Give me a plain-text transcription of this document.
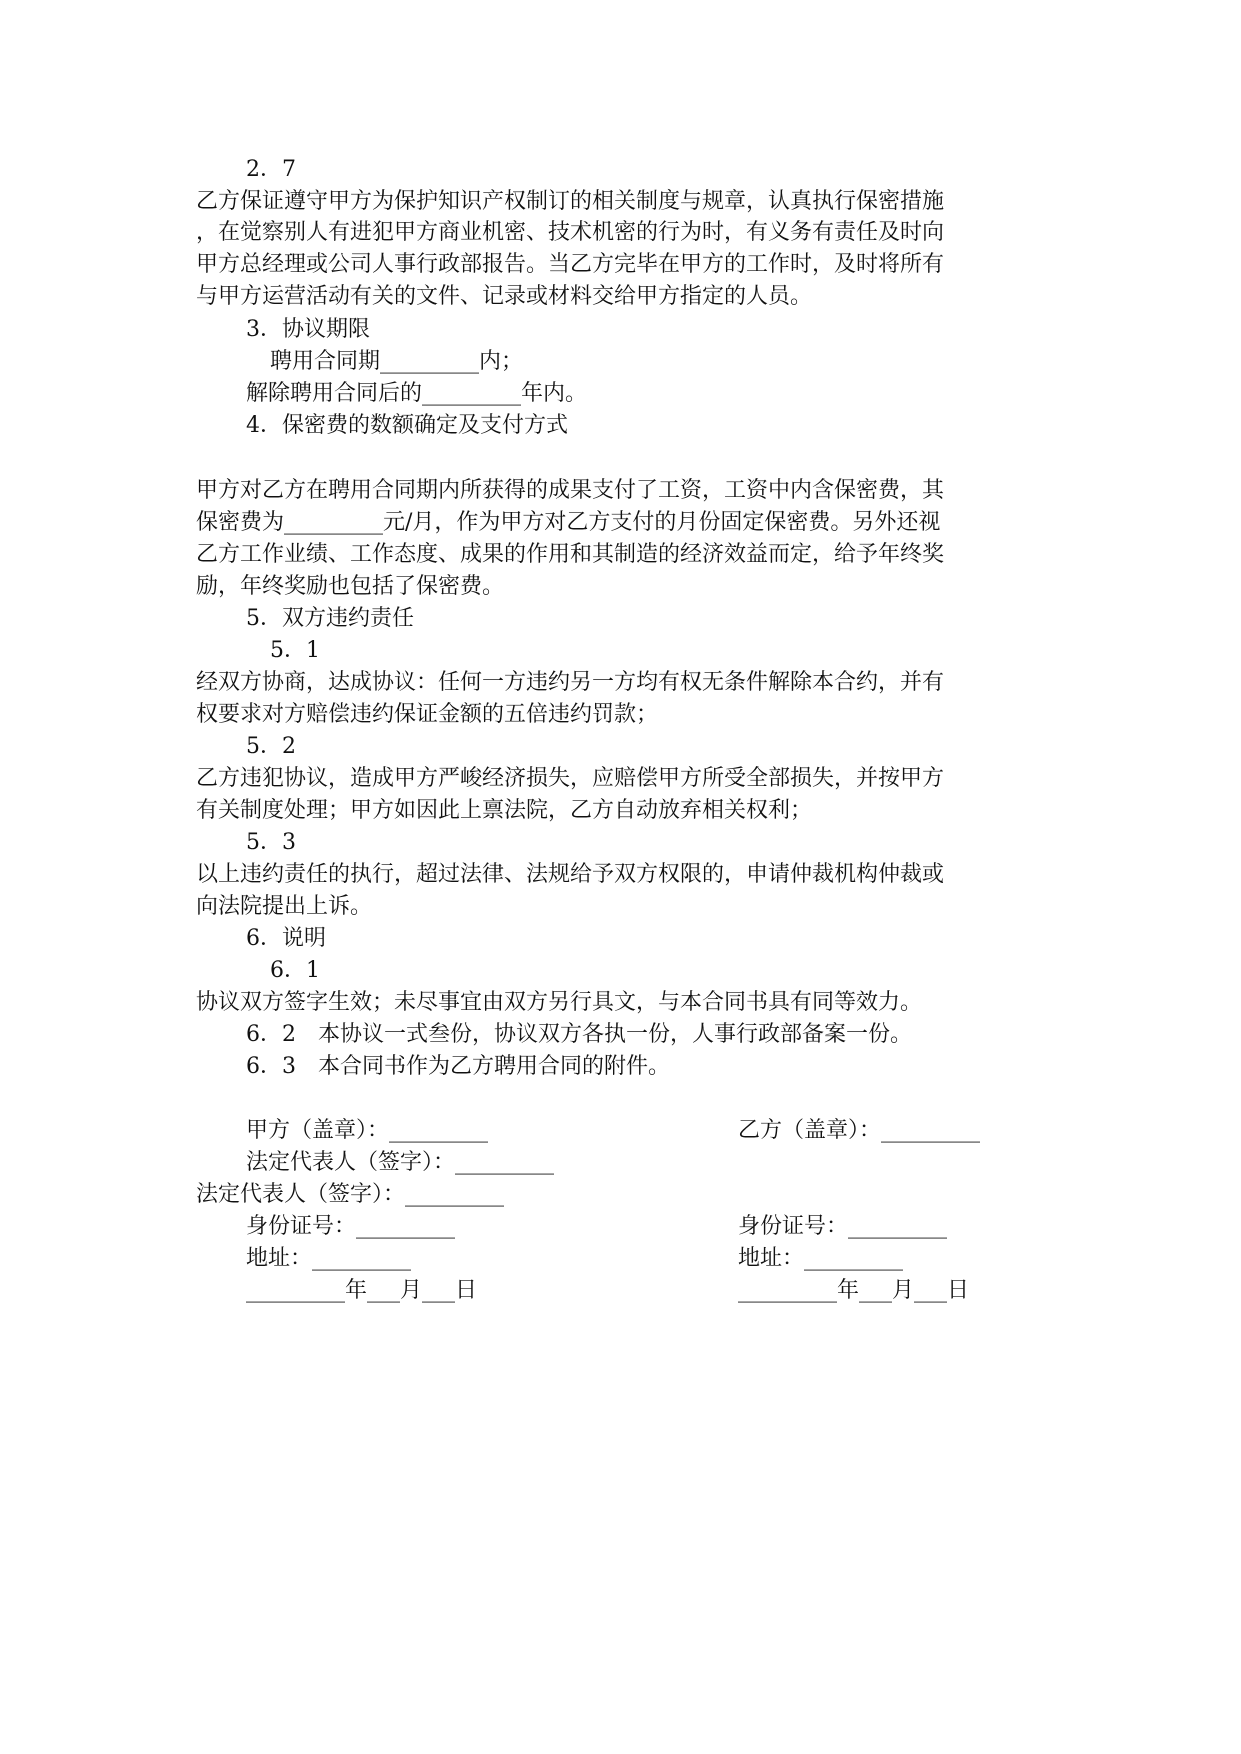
2．7
乙方保证遵守甲方为保护知识产权制订的相关制度与规章，认真执行保密措施
，在觉察别人有进犯甲方商业机密、技术机密的行为时，有义务有责任及时向
甲方总经理或公司人事行政部报告。当乙方完毕在甲方的工作时，及时将所有
与甲方运营活动有关的文件、记录或材料交给甲方指定的人员。
3．协议期限
聘用合同期_________内；
解除聘用合同后的_________年内。
4．保密费的数额确定及支付方式
甲方对乙方在聘用合同期内所获得的成果支付了工资，工资中内含保密费，其
保密费为_________元/月，作为甲方对乙方支付的月份固定保密费。另外还视
乙方工作业绩、工作态度、成果的作用和其制造的经济效益而定，给予年终奖
励，年终奖励也包括了保密费。
5．双方违约责任
5．1
经双方协商，达成协议：任何一方违约另一方均有权无条件解除本合约，并有
权要求对方赔偿违约保证金额的五倍违约罚款；
5．2
乙方违犯协议，造成甲方严峻经济损失，应赔偿甲方所受全部损失，并按甲方
有关制度处理；甲方如因此上禀法院，乙方自动放弃相关权利；
5．3
以上违约责任的执行，超过法律、法规给予双方权限的，申请仲裁机构仲裁或
向法院提出上诉。
6．说明
6．1
协议双方签字生效；未尽事宜由双方另行具文，与本合同书具有同等效力。
6．2　本协议一式叁份，协议双方各执一份，人事行政部备案一份。
6．3　本合同书作为乙方聘用合同的附件。
甲方（盖章）：_________	乙方（盖章）：_________
法定代表人（签字）：_________
法定代表人（签字）：_________
身份证号：_________	身份证号：_________
地址：_________	地址：_________
_________年___月___日	_________年___月___日
